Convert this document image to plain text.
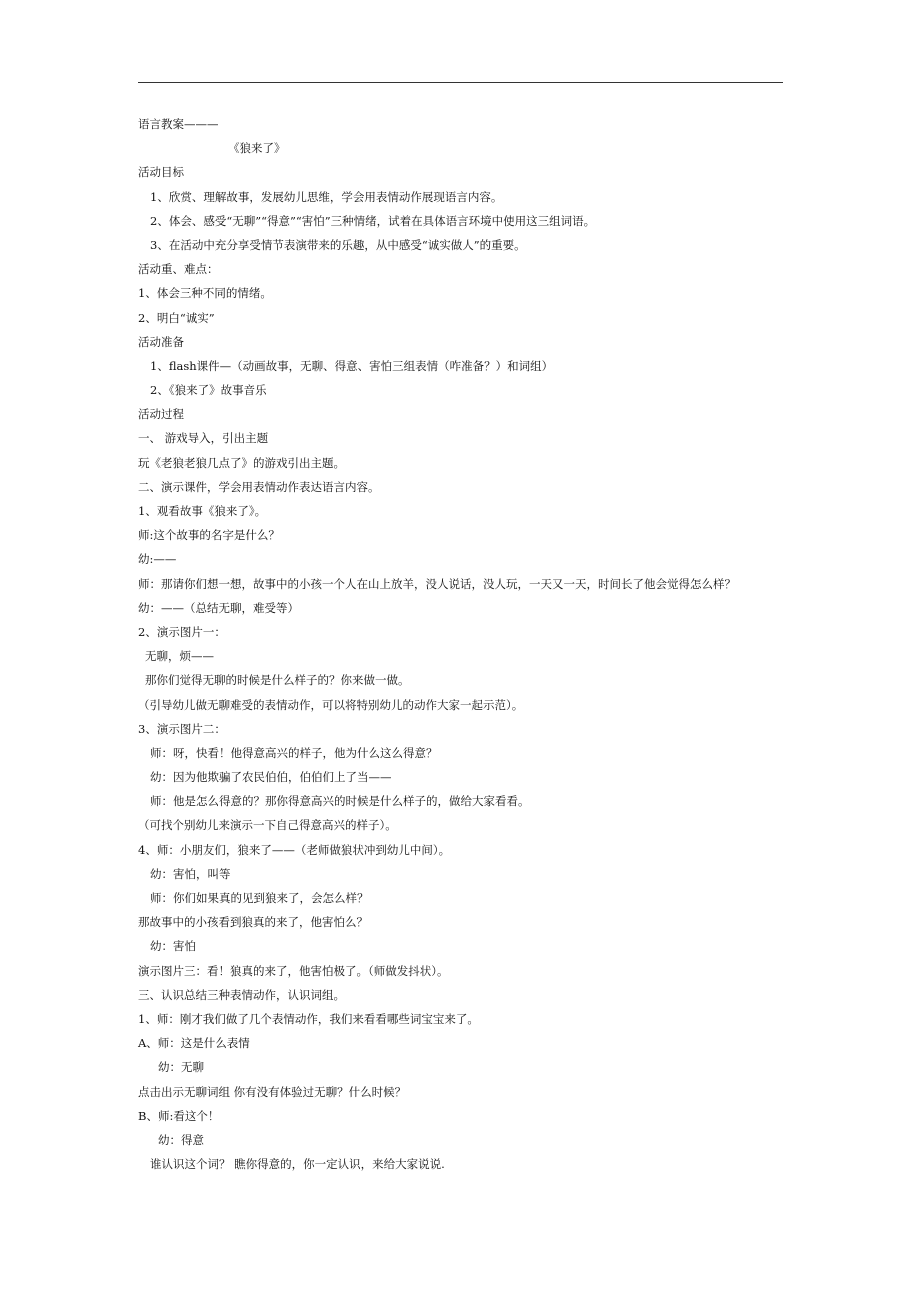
语言教案———
《狼来了》
活动目标
1、欣赏、理解故事，发展幼儿思维，学会用表情动作展现语言内容。
2、体会、感受“无聊”“得意”“害怕”三种情绪，试着在具体语言环境中使用这三组词语。
3、在活动中充分享受情节表演带来的乐趣，从中感受“诚实做人”的重要。
活动重、难点：
1、体会三种不同的情绪。
2、明白“诚实”
活动准备
1、flash课件—（动画故事，无聊、得意、害怕三组表情（咋准备？）和词组）
2、《狼来了》故事音乐
活动过程
一、 游戏导入，引出主题
玩《老狼老狼几点了》的游戏引出主题。
二、演示课件，学会用表情动作表达语言内容。
1、观看故事《狼来了》。
师:这个故事的名字是什么？
幼:——
师：那请你们想一想，故事中的小孩一个人在山上放羊，没人说话，没人玩，一天又一天，时间长了他会觉得怎么样？
幼：——（总结无聊，难受等）
2、演示图片一：
无聊，烦——
那你们觉得无聊的时候是什么样子的？你来做一做。
（引导幼儿做无聊难受的表情动作，可以将特别幼儿的动作大家一起示范）。
3、演示图片二：
师：呀，快看！他得意高兴的样子，他为什么这么得意？
幼：因为他欺骗了农民伯伯，伯伯们上了当——
师：他是怎么得意的？那你得意高兴的时候是什么样子的，做给大家看看。
（可找个别幼儿来演示一下自己得意高兴的样子）。
4、师：小朋友们，狼来了——（老师做狼状冲到幼儿中间）。
幼：害怕，叫等
师：你们如果真的见到狼来了，会怎么样？
那故事中的小孩看到狼真的来了，他害怕么？
幼：害怕
演示图片三：看！狼真的来了，他害怕极了。（师做发抖状）。
三、认识总结三种表情动作，认识词组。
1、师：刚才我们做了几个表情动作，我们来看看哪些词宝宝来了。
A、师：这是什么表情
幼：无聊
点击出示无聊词组 你有没有体验过无聊？什么时候？
B、师:看这个！
幼：得意
谁认识这个词？ 瞧你得意的，你一定认识，来给大家说说.
